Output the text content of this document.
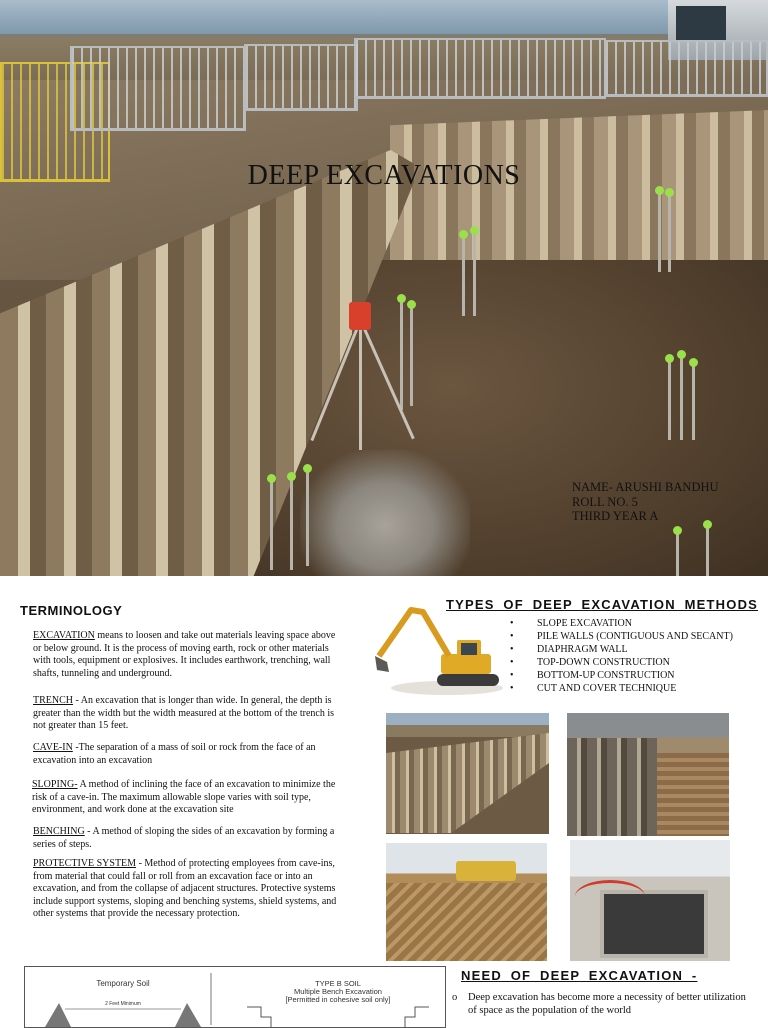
DEEP EXCAVATIONS
NAME- ARUSHI BANDHU
ROLL NO. 5
THIRD YEAR A
TERMINOLOGY
EXCAVATION means to loosen and take out materials leaving space above or below ground. It is the process of moving earth, rock or other materials with tools, equipment or explosives. It includes earthwork, trenching, wall shafts, tunneling and underground.
TRENCH - An excavation that is longer than wide. In general, the depth is greater than the width but the width measured at the bottom of the trench is not greater than 15 feet.
CAVE-IN -The separation of a mass of soil or rock from the face of an excavation into an excavation
SLOPING- A method of inclining the face of an excavation to minimize the risk of a cave-in. The maximum allowable slope varies with soil type, environment, and work done at the excavation site
BENCHING - A method of sloping the sides of an excavation by forming a series of steps.
PROTECTIVE SYSTEM - Method of protecting employees from cave-ins, from material that could fall or roll from an excavation face or into an excavation, and from the collapse of adjacent structures. Protective systems include support systems, sloping and benching systems, shield systems, and other systems that provide the necessary protection.
TYPES OF DEEP EXCAVATION METHODS
• SLOPE EXCAVATION
• PILE WALLS (CONTIGUOUS AND SECANT)
• DIAPHRAGM WALL
• TOP-DOWN CONSTRUCTION
• BOTTOM-UP CONSTRUCTION
• CUT AND COVER TECHNIQUE
Temporary Soil
2 Feet Minimum
TYPE B SOIL
Multiple Bench Excavation
[Permitted in cohesive soil only]
NEED OF DEEP EXCAVATION -
o	Deep excavation has become more a necessity of better utilization of space as the population of the world
